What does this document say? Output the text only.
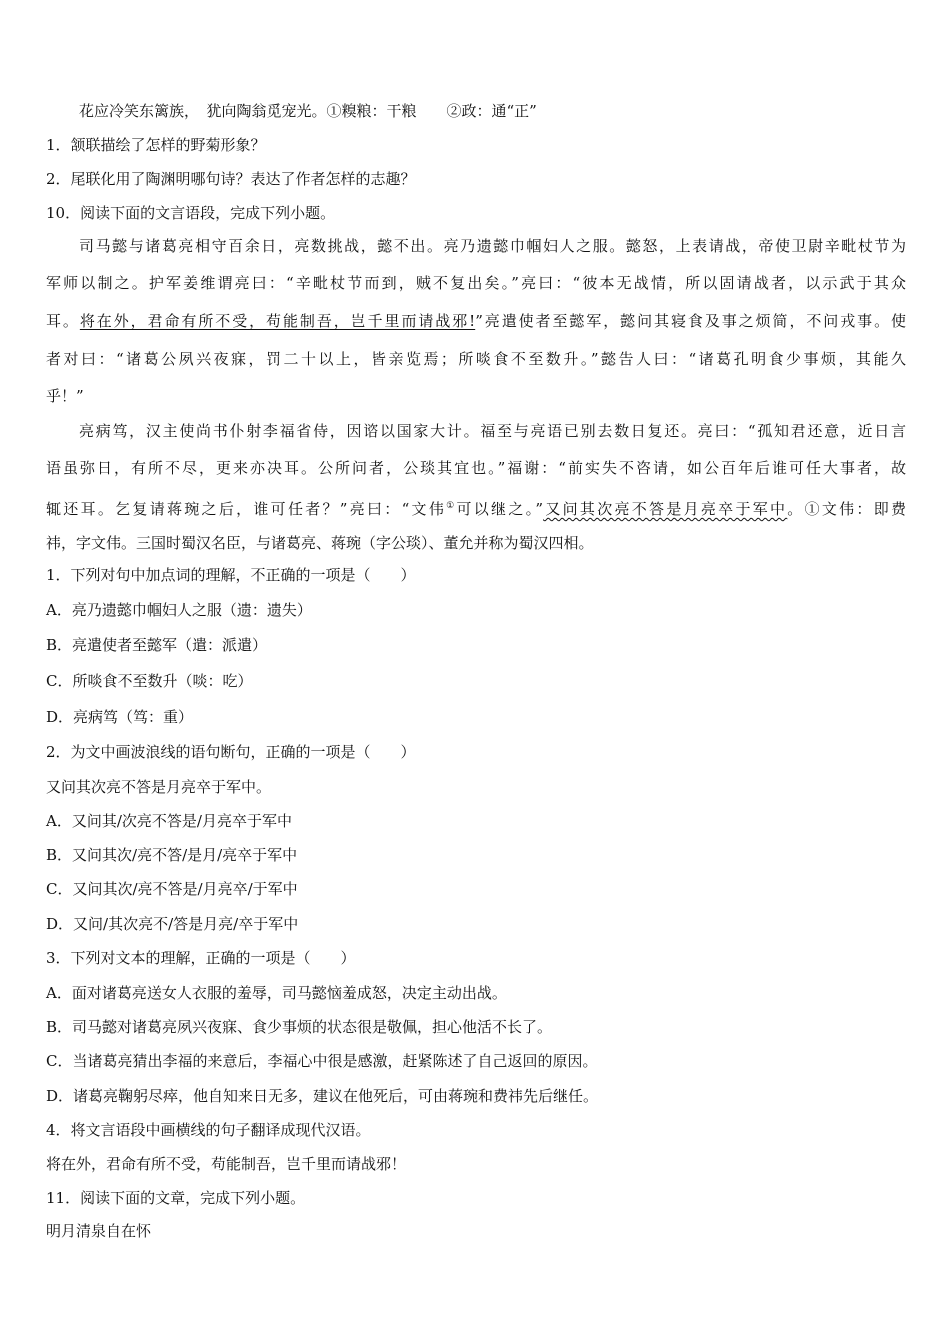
花应冷笑东篱族，　犹向陶翁觅宠光。①糗粮：干粮　　②政：通“正”
1．颔联描绘了怎样的野菊形象？
2．尾联化用了陶渊明哪句诗？表达了作者怎样的志趣？
10．阅读下面的文言语段，完成下列小题。
司马懿与诸葛亮相守百余日，亮数挑战，懿不出。亮乃遗懿巾帼妇人之服。懿怒，上表请战，帝使卫尉辛毗杖节为
军师以制之。护军姜维谓亮曰：“辛毗杖节而到，贼不复出矣。”亮曰：“彼本无战情，所以固请战者，以示武于其众
耳。将在外，君命有所不受，苟能制吾，岂千里而请战邪!”亮遣使者至懿军，懿问其寝食及事之烦简，不问戎事。使
者对曰：“诸葛公夙兴夜寐，罚二十以上，皆亲览焉；所啖食不至数升。”懿告人曰：“诸葛孔明食少事烦，其能久
乎！”
亮病笃，汉主使尚书仆射李福省侍，因谘以国家大计。福至与亮语已别去数日复还。亮曰：“孤知君还意，近日言
语虽弥日，有所不尽，更来亦决耳。公所问者，公琰其宜也。”福谢：“前实失不咨请，如公百年后谁可任大事者，故
辄还耳。乞复请蒋琬之后，谁可任者？”亮曰：“文伟①可以继之。”又问其次亮不答是月亮卒于军中。①文伟：即费
祎，字文伟。三国时蜀汉名臣，与诸葛亮、蒋琬（字公琰）、董允并称为蜀汉四相。
1．下列对句中加点词的理解，不正确的一项是（　　）
A．亮乃遗懿巾帼妇人之服（遗：遗失）
B．亮遣使者至懿军（遣：派遣）
C．所啖食不至数升（啖：吃）
D．亮病笃（笃：重）
2．为文中画波浪线的语句断句，正确的一项是（　　）
又问其次亮不答是月亮卒于军中。
A．又问其/次亮不答是/月亮卒于军中
B．又问其次/亮不答/是月/亮卒于军中
C．又问其次/亮不答是/月亮卒/于军中
D．又问/其次亮不/答是月亮/卒于军中
3．下列对文本的理解，正确的一项是（　　）
A．面对诸葛亮送女人衣服的羞辱，司马懿恼羞成怒，决定主动出战。
B．司马懿对诸葛亮夙兴夜寐、食少事烦的状态很是敬佩，担心他活不长了。
C．当诸葛亮猜出李福的来意后，李福心中很是感激，赶紧陈述了自己返回的原因。
D．诸葛亮鞠躬尽瘁，他自知来日无多，建议在他死后，可由蒋琬和费祎先后继任。
4．将文言语段中画横线的句子翻译成现代汉语。
将在外，君命有所不受，苟能制吾，岂千里而请战邪！
11．阅读下面的文章，完成下列小题。
明月清泉自在怀
